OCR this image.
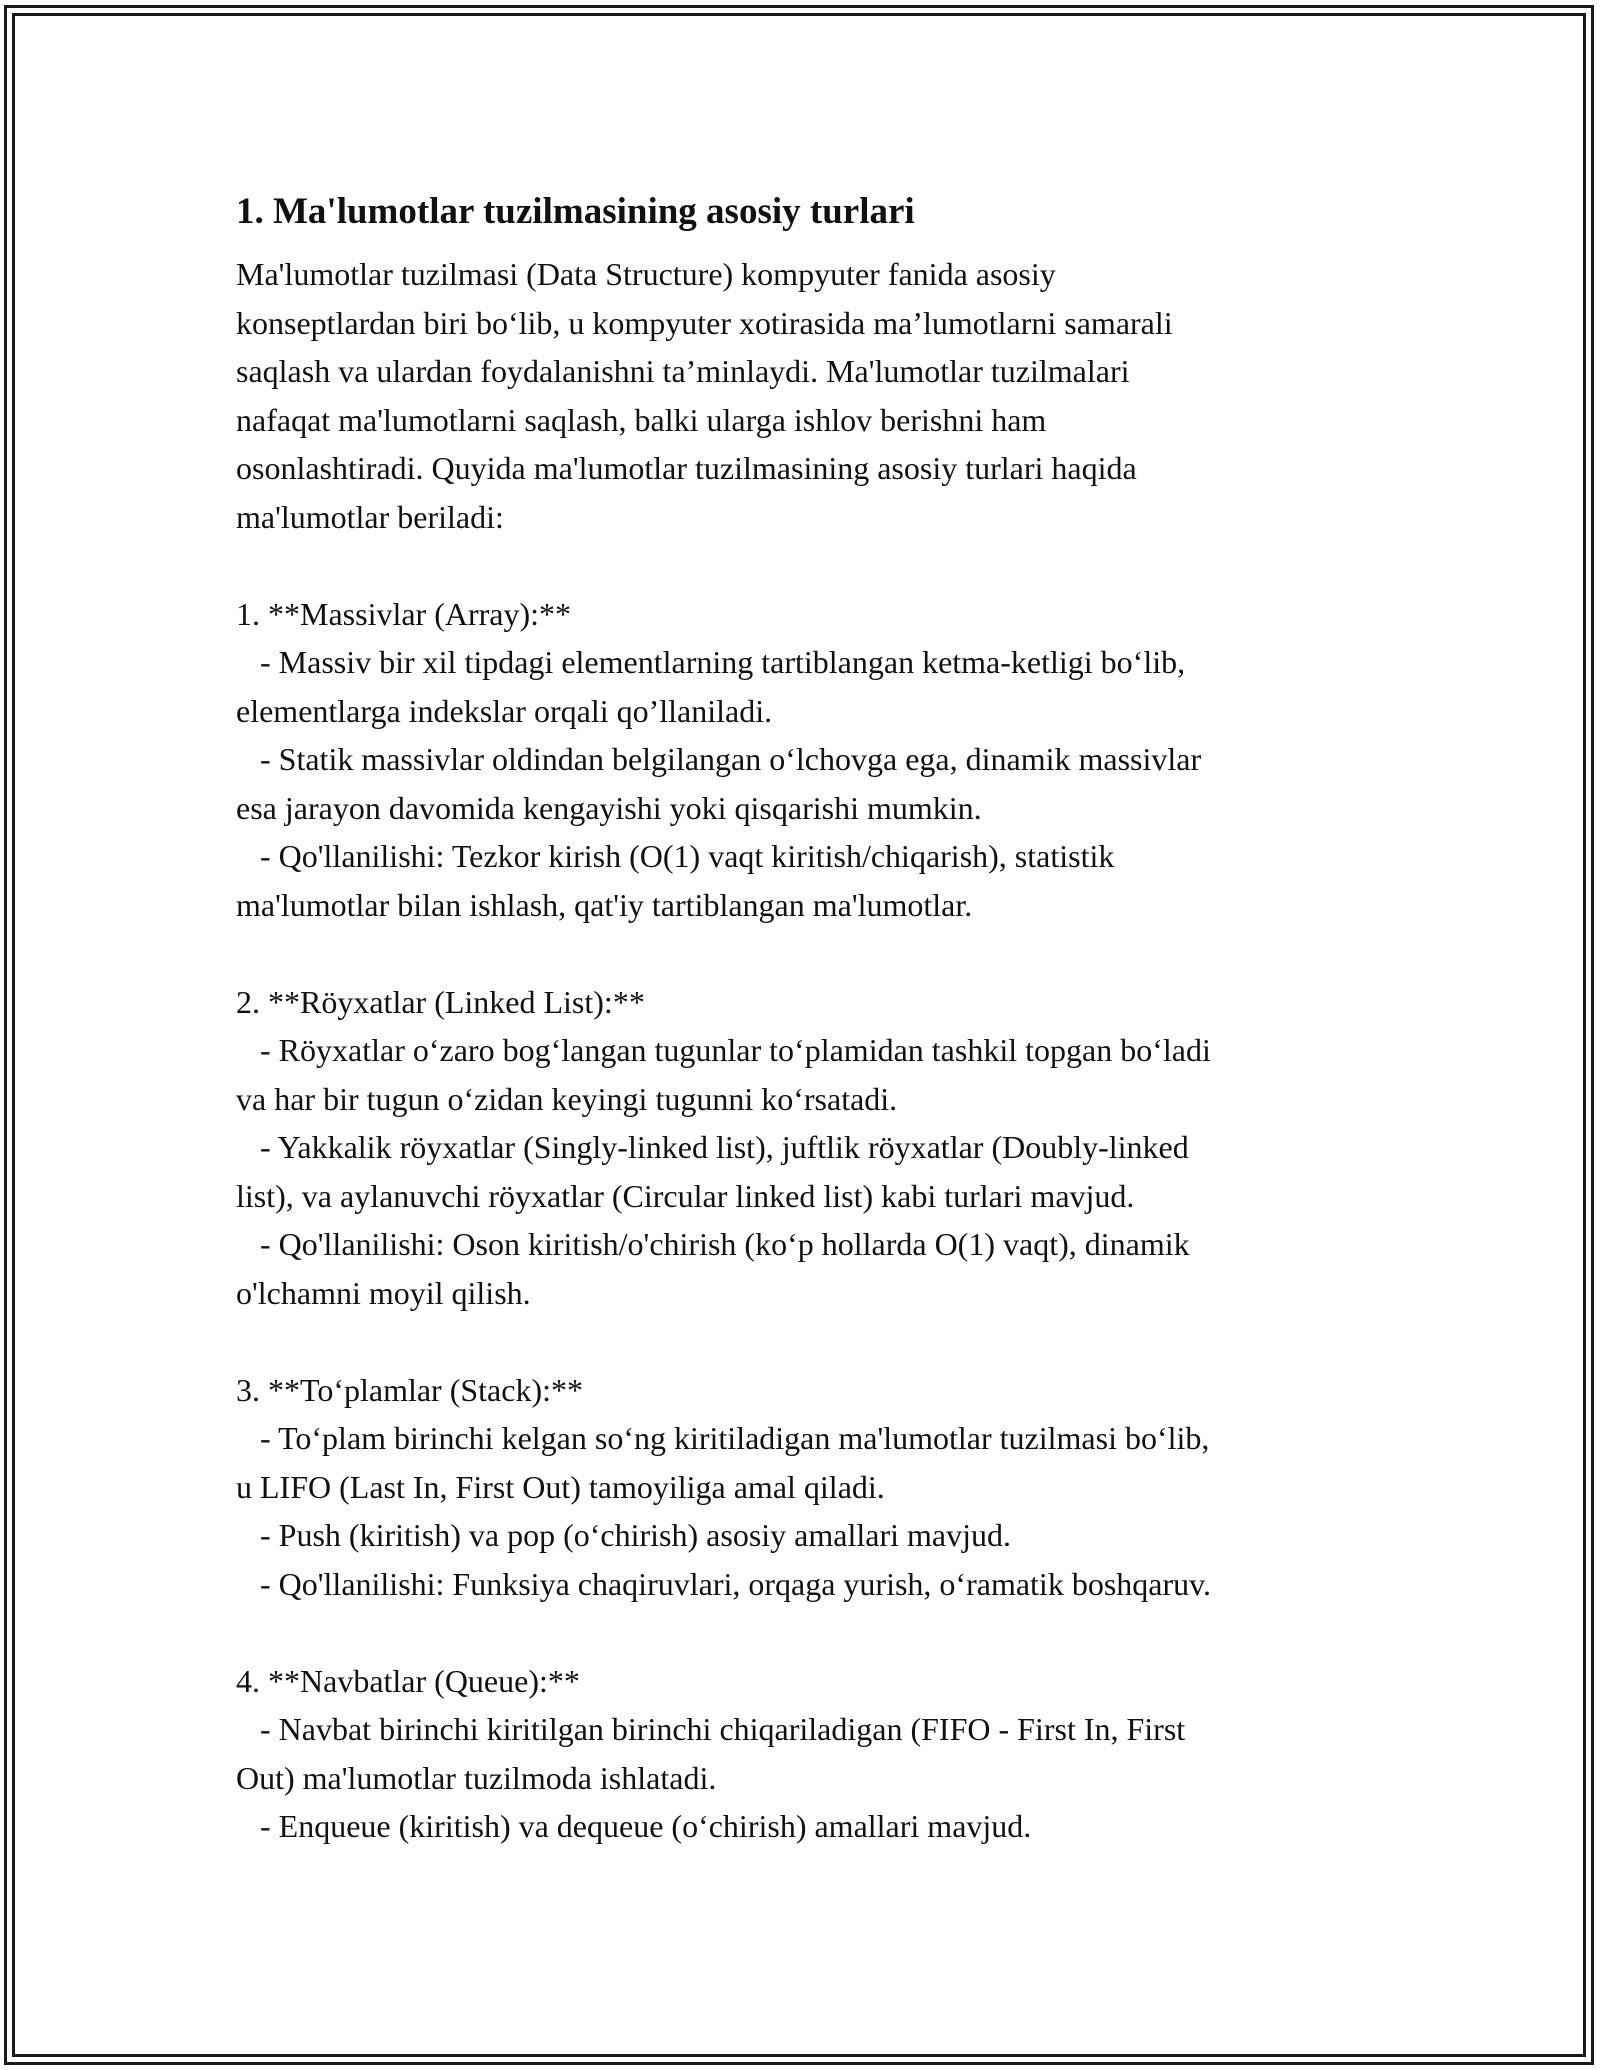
1. Ma'lumotlar tuzilmasining asosiy turlari

Ma'lumotlar tuzilmasi (Data Structure) kompyuter fanida asosiy
konseptlardan biri bo‘lib, u kompyuter xotirasida ma’lumotlarni samarali
saqlash va ulardan foydalanishni ta’minlaydi. Ma'lumotlar tuzilmalari
nafaqat ma'lumotlarni saqlash, balki ularga ishlov berishni ham
osonlashtiradi. Quyida ma'lumotlar tuzilmasining asosiy turlari haqida
ma'lumotlar beriladi:

1. **Massivlar (Array):**
- Massiv bir xil tipdagi elementlarning tartiblangan ketma-ketligi bo‘lib,
elementlarga indekslar orqali qo’llaniladi.
- Statik massivlar oldindan belgilangan o‘lchovga ega, dinamik massivlar
esa jarayon davomida kengayishi yoki qisqarishi mumkin.
- Qo'llanilishi: Tezkor kirish (O(1) vaqt kiritish/chiqarish), statistik
ma'lumotlar bilan ishlash, qat'iy tartiblangan ma'lumotlar.
2. **Röyxatlar (Linked List):**
- Röyxatlar o‘zaro bog‘langan tugunlar to‘plamidan tashkil topgan bo‘ladi
va har bir tugun o‘zidan keyingi tugunni ko‘rsatadi.
- Yakkalik röyxatlar (Singly-linked list), juftlik röyxatlar (Doubly-linked
list), va aylanuvchi röyxatlar (Circular linked list) kabi turlari mavjud.
- Qo'llanilishi: Oson kiritish/o'chirish (ko‘p hollarda O(1) vaqt), dinamik
o'lchamni moyil qilish.
3. **To‘plamlar (Stack):**
- To‘plam birinchi kelgan so‘ng kiritiladigan ma'lumotlar tuzilmasi bo‘lib,
u LIFO (Last In, First Out) tamoyiliga amal qiladi.
- Push (kiritish) va pop (o‘chirish) asosiy amallari mavjud.
- Qo'llanilishi: Funksiya chaqiruvlari, orqaga yurish, o‘ramatik boshqaruv.
4. **Navbatlar (Queue):**
- Navbat birinchi kiritilgan birinchi chiqariladigan (FIFO - First In, First
Out) ma'lumotlar tuzilmoda ishlatadi.
- Enqueue (kiritish) va dequeue (o‘chirish) amallari mavjud.
